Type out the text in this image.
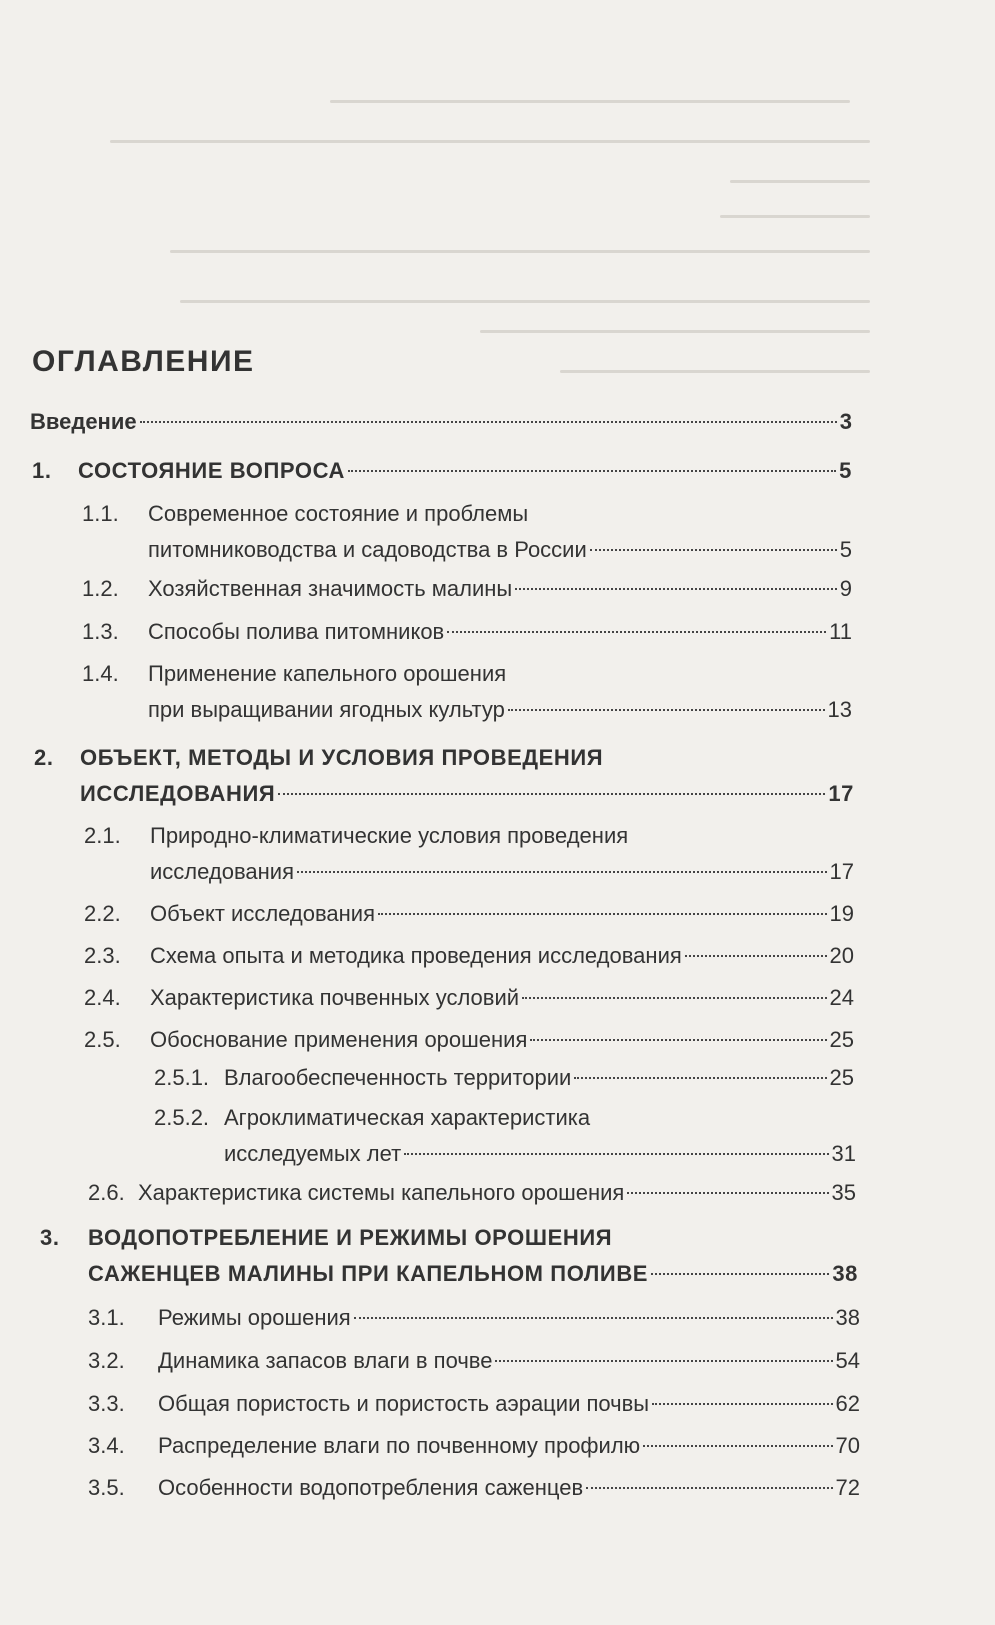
ОГЛАВЛЕНИЕ
Введение	3
1. СОСТОЯНИЕ ВОПРОСА	5
1.1. Современное состояние и проблемы
питомниководства и садоводства в России	5
1.2. Хозяйственная значимость малины	9
1.3. Способы полива питомников	11
1.4. Применение капельного орошения
при выращивании ягодных культур	13
2. ОБЪЕКТ, МЕТОДЫ И УСЛОВИЯ ПРОВЕДЕНИЯ
ИССЛЕДОВАНИЯ	17
2.1. Природно-климатические условия проведения
исследования	17
2.2. Объект исследования	19
2.3. Схема опыта и методика проведения исследования	20
2.4. Характеристика почвенных условий	24
2.5. Обоснование применения орошения	25
2.5.1. Влагообеспеченность территории	25
2.5.2. Агроклиматическая характеристика
исследуемых лет	31
2.6. Характеристика системы капельного орошения	35
3. ВОДОПОТРЕБЛЕНИЕ И РЕЖИМЫ ОРОШЕНИЯ
САЖЕНЦЕВ МАЛИНЫ ПРИ КАПЕЛЬНОМ ПОЛИВЕ	38
3.1. Режимы орошения	38
3.2. Динамика запасов влаги в почве	54
3.3. Общая пористость и пористость аэрации почвы	62
3.4. Распределение влаги по почвенному профилю	70
3.5. Особенности водопотребления саженцев	72
